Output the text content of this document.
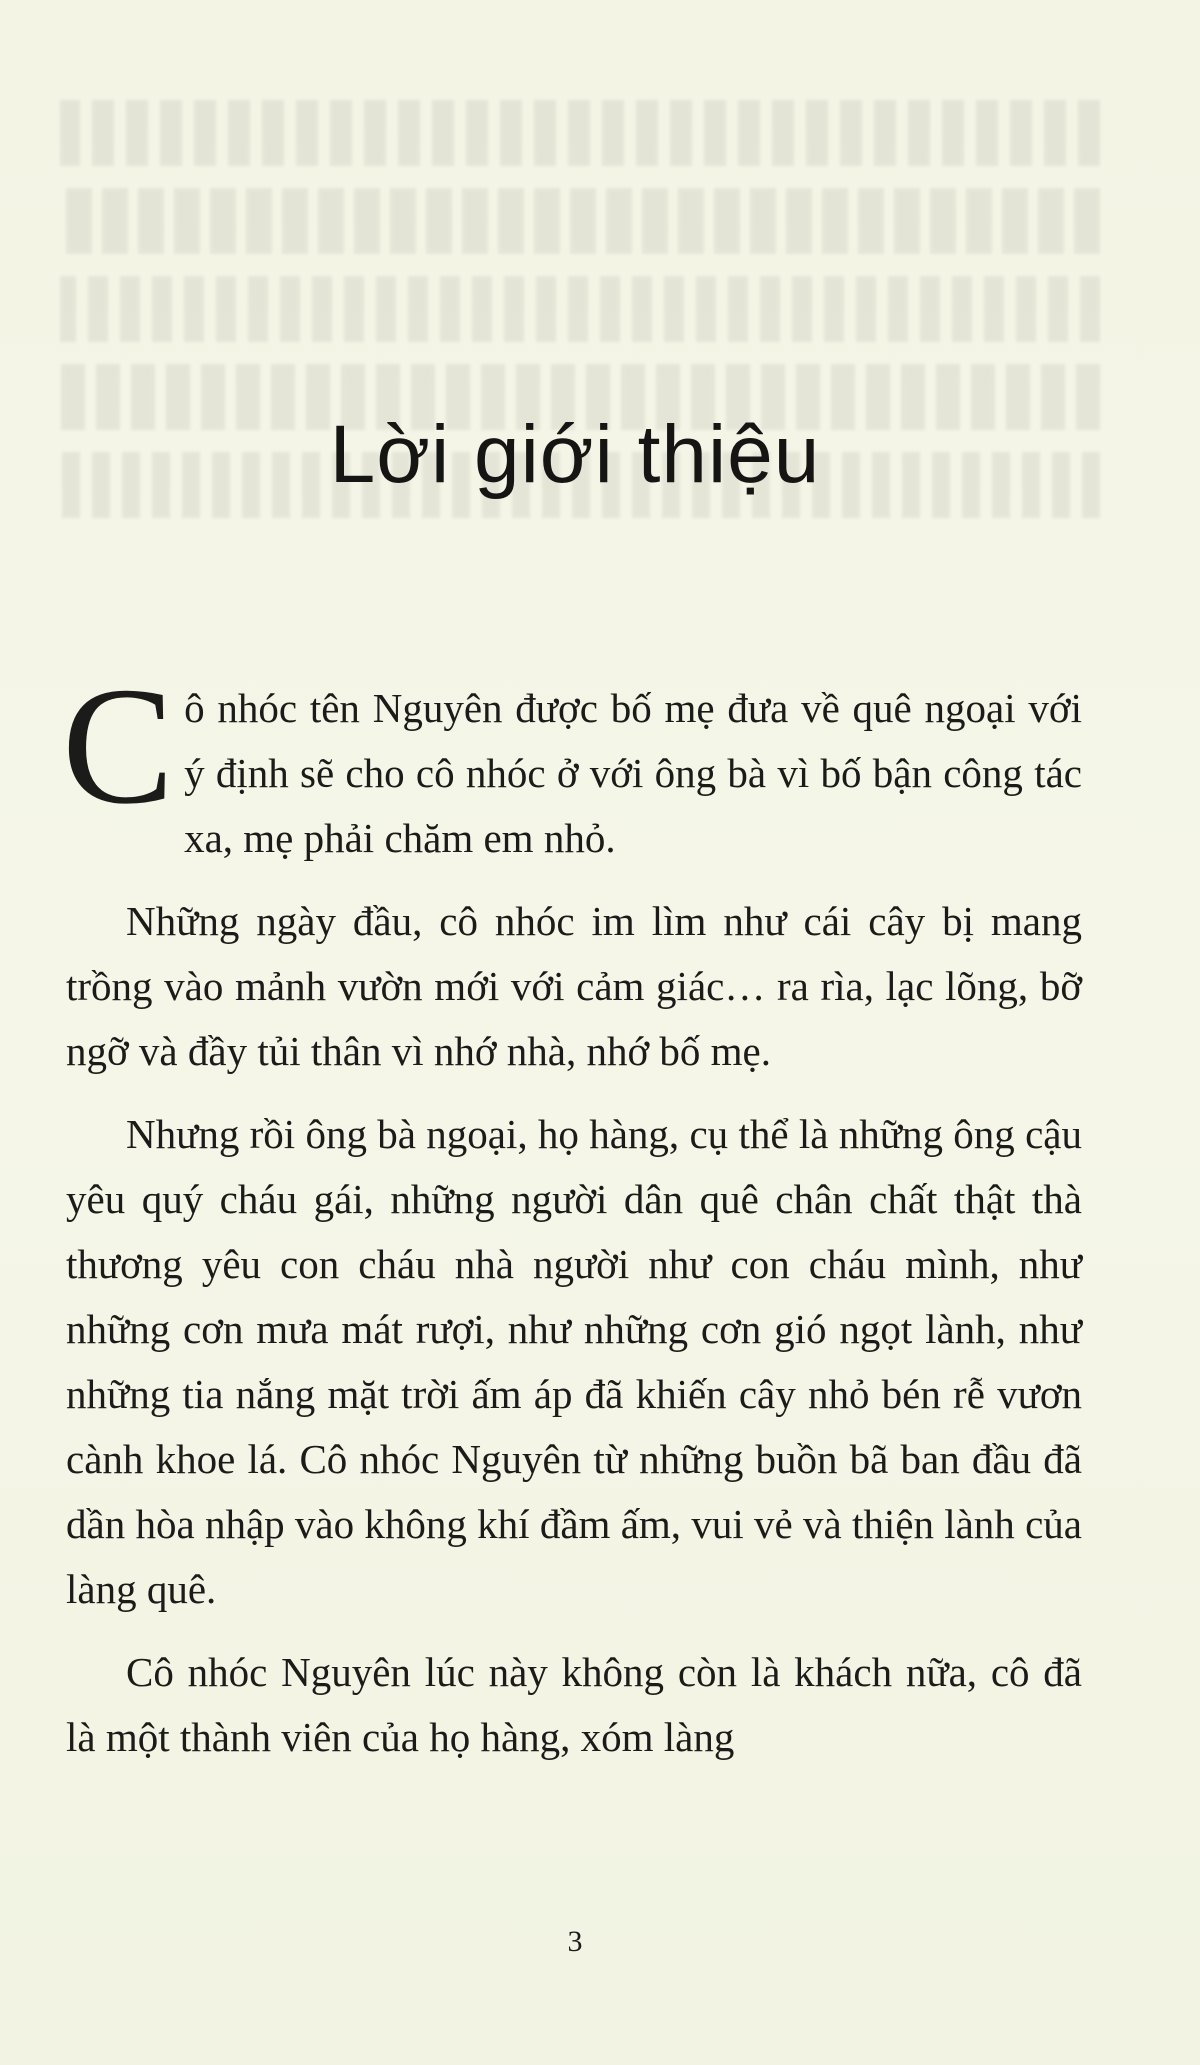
Lời giới thiệu

Cô nhóc tên Nguyên được bố mẹ đưa về quê ngoại với ý định sẽ cho cô nhóc ở với ông bà vì bố bận công tác xa, mẹ phải chăm em nhỏ.

Những ngày đầu, cô nhóc im lìm như cái cây bị mang trồng vào mảnh vườn mới với cảm giác… ra rìa, lạc lõng, bỡ ngỡ và đầy tủi thân vì nhớ nhà, nhớ bố mẹ.

Nhưng rồi ông bà ngoại, họ hàng, cụ thể là những ông cậu yêu quý cháu gái, những người dân quê chân chất thật thà thương yêu con cháu nhà người như con cháu mình, như những cơn mưa mát rượi, như những cơn gió ngọt lành, như những tia nắng mặt trời ấm áp đã khiến cây nhỏ bén rễ vươn cành khoe lá. Cô nhóc Nguyên từ những buồn bã ban đầu đã dần hòa nhập vào không khí đầm ấm, vui vẻ và thiện lành của làng quê.

Cô nhóc Nguyên lúc này không còn là khách nữa, cô đã là một thành viên của họ hàng, xóm làng

3
